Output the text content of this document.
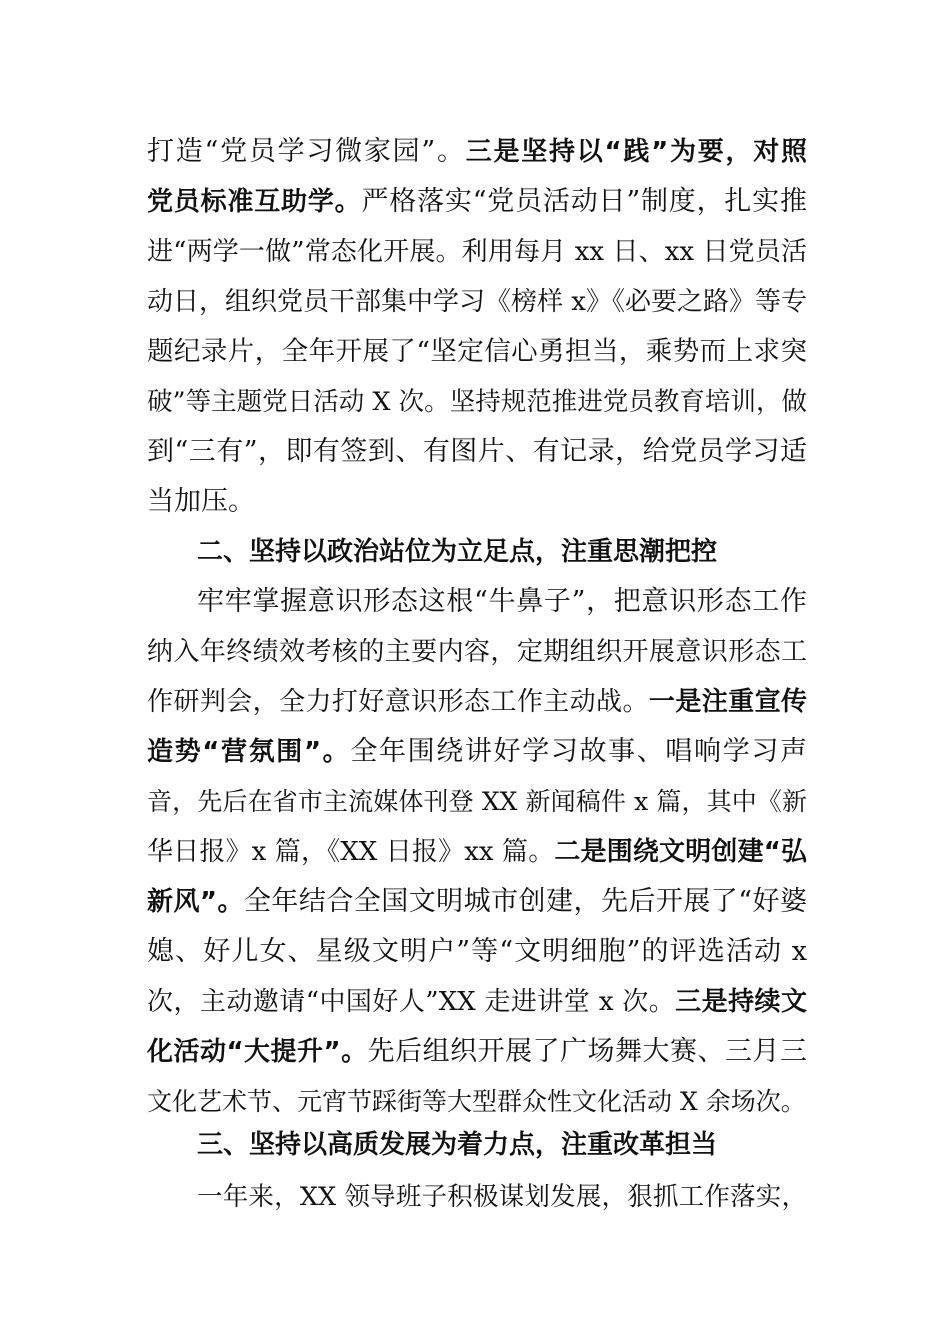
打造“党员学习微家园”。三是坚持以“践”为要，对照
党员标准互助学。严格落实“党员活动日”制度，扎实推
进“两学一做”常态化开展。利用每月 xx 日、xx 日党员活
动日，组织党员干部集中学习《榜样 x》《必要之路》等专
题纪录片，全年开展了“坚定信心勇担当，乘势而上求突
破”等主题党日活动 X 次。坚持规范推进党员教育培训，做
到“三有”，即有签到、有图片、有记录，给党员学习适
当加压。
二、坚持以政治站位为立足点，注重思潮把控
牢牢掌握意识形态这根“牛鼻子”，把意识形态工作
纳入年终绩效考核的主要内容，定期组织开展意识形态工
作研判会，全力打好意识形态工作主动战。一是注重宣传
造势“营氛围”。全年围绕讲好学习故事、唱响学习声
音，先后在省市主流媒体刊登 XX 新闻稿件 x 篇，其中《新
华日报》x 篇，《XX 日报》xx 篇。二是围绕文明创建“弘
新风”。全年结合全国文明城市创建，先后开展了“好婆
媳、好儿女、星级文明户”等“文明细胞”的评选活动 x
次，主动邀请“中国好人”XX 走进讲堂 x 次。三是持续文
化活动“大提升”。先后组织开展了广场舞大赛、三月三
文化艺术节、元宵节踩街等大型群众性文化活动 X 余场次。
三、坚持以高质发展为着力点，注重改革担当
一年来，XX 领导班子积极谋划发展，狠抓工作落实，
